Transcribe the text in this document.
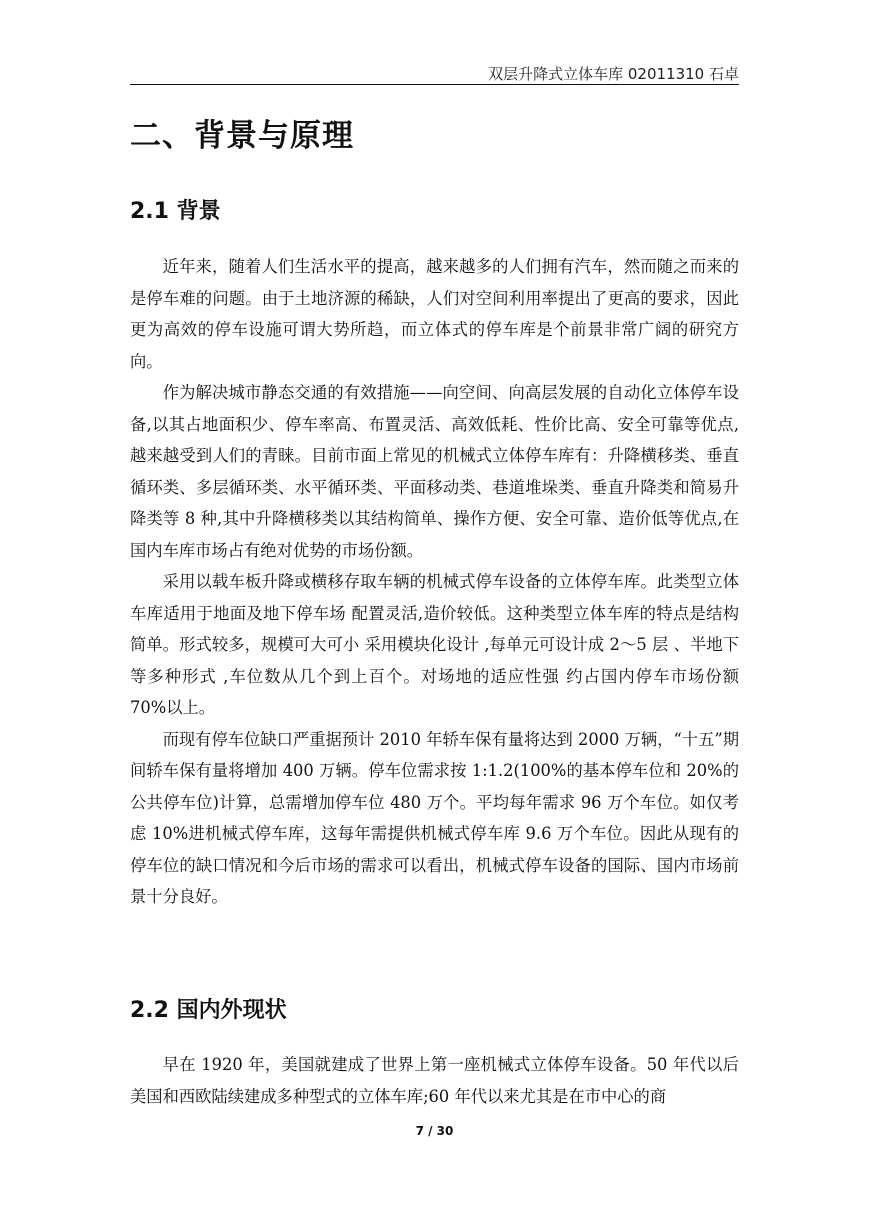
双层升降式立体车库 02011310 石卓
二、背景与原理
2.1 背景

近年来，随着人们生活水平的提高，越来越多的人们拥有汽车，然而随之而来的是停车难的问题。由于土地济源的稀缺，人们对空间利用率提出了更高的要求，因此更为高效的停车设施可谓大势所趋，而立体式的停车库是个前景非常广阔的研究方向。

作为解决城市静态交通的有效措施——向空间、向高层发展的自动化立体停车设备,以其占地面积少、停车率高、布置灵活、高效低耗、性价比高、安全可靠等优点,越来越受到人们的青睐。目前市面上常见的机械式立体停车库有：升降横移类、垂直循环类、多层循环类、水平循环类、平面移动类、巷道堆垛类、垂直升降类和简易升降类等 8 种,其中升降横移类以其结构简单、操作方便、安全可靠、造价低等优点,在国内车库市场占有绝对优势的市场份额。

采用以载车板升降或横移存取车辆的机械式停车设备的立体停车库。此类型立体车库适用于地面及地下停车场 配置灵活,造价较低。这种类型立体车库的特点是结构简单。形式较多，规模可大可小 采用模块化设计 ,每单元可设计成 2～5 层 、半地下等多种形式 ,车位数从几个到上百个。对场地的适应性强 约占国内停车市场份额 70%以上。

而现有停车位缺口严重据预计 2010 年轿车保有量将达到 2000 万辆，“十五”期间轿车保有量将增加 400 万辆。停车位需求按 1:1.2(100%的基本停车位和 20%的公共停车位)计算，总需增加停车位 480 万个。平均每年需求 96 万个车位。如仅考虑 10%进机械式停车库，这每年需提供机械式停车库 9.6 万个车位。因此从现有的停车位的缺口情况和今后市场的需求可以看出，机械式停车设备的国际、国内市场前景十分良好。

2.2 国内外现状

早在 1920 年，美国就建成了世界上第一座机械式立体停车设备。50 年代以后美国和西欧陆续建成多种型式的立体车库;60 年代以来尤其是在市中心的商

7 / 30
